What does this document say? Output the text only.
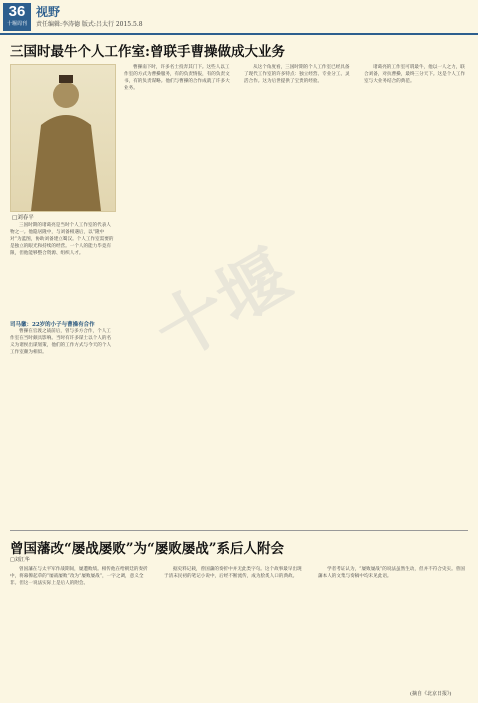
36
十堰周刊
视野
责任编辑:李涛德 版式:吕太行 2015.5.8
十堰
三国时最牛个人工作室:曾联手曹操做成大业务
□刘春平

三国时期的诸葛亮是当时个人工作室的代表人物之一。他隐居隆中，与刘备相遇后，以“隆中对”为蓝图，协助刘备建立蜀汉。个人工作室需要的是独立的眼光和持续的经营。一个人的能力毕竟有限，但他能够整合资源、组织人才。

司马徽：22岁的小子与曹操有合作

曹操在官渡之战前后，曾与多方合作，个人工作室在当时颇具影响。当时有许多谋士以个人的名义为诸侯出谋划策，他们的工作方式与今天的个人工作室颇为相似。

曹操南下时，许多名士投奔其门下。这些人以工作室的方式为曹操服务，有的负责情报，有的负责文书，有的负责谋略。他们与曹操的合作成就了许多大业务。

从这个角度看，三国时期的个人工作室已经具备了现代工作室的许多特点：独立经营、专业分工、灵活合作。这为后世提供了宝贵的经验。

诸葛亮的工作室可谓最牛，他以一人之力，联合刘备，对抗曹操，最终三分天下。这是个人工作室与大业务结合的典范。

曾国藩改“屡战屡败”为“屡败屡战”系后人附会
□刘江华

曾国藩在与太平军作战期间，屡遭败绩。相传他在给朝廷的奏折中，将幕僚起草的“屡战屡败”改为“屡败屡战”，一字之调，意义全非。但这一说法实际上是后人的附会。

据史料记载，曾国藩的奏折中并无此类字句。这个故事最早出现于清末民初的笔记小说中，后经不断流传，成为脍炙人口的典故。

学者考证认为，“屡败屡战”的说法虽然生动，但并不符合史实。曾国藩本人的文集与奏稿中均未见此语。

(摘自《北京日报》)
